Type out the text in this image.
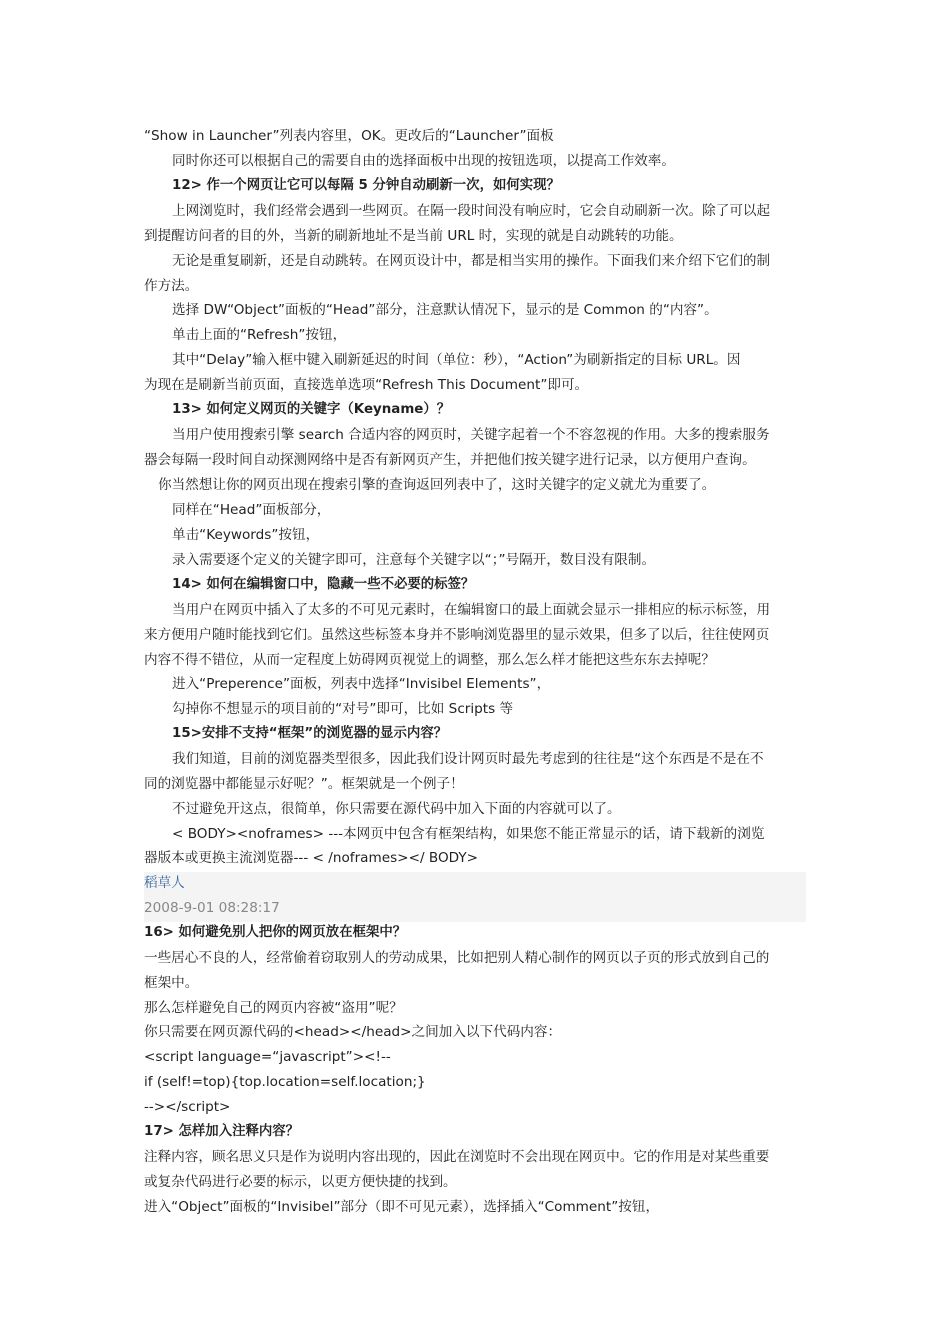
“Show in Launcher”列表内容里，OK。更改后的“Launcher”面板
同时你还可以根据自己的需要自由的选择面板中出现的按钮选项，以提高工作效率。
12> 作一个网页让它可以每隔 5 分钟自动刷新一次，如何实现？
上网浏览时，我们经常会遇到一些网页。在隔一段时间没有响应时，它会自动刷新一次。除了可以起
到提醒访问者的目的外，当新的刷新地址不是当前 URL 时，实现的就是自动跳转的功能。
无论是重复刷新，还是自动跳转。在网页设计中，都是相当实用的操作。下面我们来介绍下它们的制
作方法。
选择 DW“Object”面板的“Head”部分，注意默认情况下，显示的是 Common 的“内容”。
单击上面的“Refresh”按钮，
其中“Delay”输入框中键入刷新延迟的时间（单位：秒），“Action”为刷新指定的目标 URL。因
为现在是刷新当前页面，直接选单选项“Refresh This Document”即可。
13> 如何定义网页的关键字（Keyname）？
当用户使用搜索引擎 search 合适内容的网页时，关键字起着一个不容忽视的作用。大多的搜索服务
器会每隔一段时间自动探测网络中是否有新网页产生，并把他们按关键字进行记录，以方便用户查询。
你当然想让你的网页出现在搜索引擎的查询返回列表中了，这时关键字的定义就尤为重要了。
同样在“Head”面板部分，
单击“Keywords”按钮，
录入需要逐个定义的关键字即可，注意每个关键字以“；”号隔开，数目没有限制。
14> 如何在编辑窗口中，隐藏一些不必要的标签？
当用户在网页中插入了太多的不可见元素时，在编辑窗口的最上面就会显示一排相应的标示标签，用
来方便用户随时能找到它们。虽然这些标签本身并不影响浏览器里的显示效果，但多了以后，往往使网页
内容不得不错位，从而一定程度上妨碍网页视觉上的调整，那么怎么样才能把这些东东去掉呢？
进入“Preperence”面板，列表中选择“Invisibel Elements”，
勾掉你不想显示的项目前的“对号”即可，比如 Scripts 等
15>安排不支持“框架”的浏览器的显示内容？
我们知道，目前的浏览器类型很多，因此我们设计网页时最先考虑到的往往是“这个东西是不是在不
同的浏览器中都能显示好呢？”。框架就是一个例子！
不过避免开这点，很简单，你只需要在源代码中加入下面的内容就可以了。
< BODY><noframes> ---本网页中包含有框架结构，如果您不能正常显示的话，请下载新的浏览
器版本或更换主流浏览器--- < /noframes></ BODY>
稻草人
2008-9-01 08:28:17
16> 如何避免别人把你的网页放在框架中？
一些居心不良的人，经常偷着窃取别人的劳动成果，比如把别人精心制作的网页以子页的形式放到自己的
框架中。
那么怎样避免自己的网页内容被“盗用”呢？
你只需要在网页源代码的<head></head>之间加入以下代码内容：
<script language=“javascript”><!--
if (self!=top){top.location=self.location;}
--></script>
17> 怎样加入注释内容？
注释内容，顾名思义只是作为说明内容出现的，因此在浏览时不会出现在网页中。它的作用是对某些重要
或复杂代码进行必要的标示，以更方便快捷的找到。
进入“Object”面板的“Invisibel”部分（即不可见元素），选择插入“Comment”按钮，
